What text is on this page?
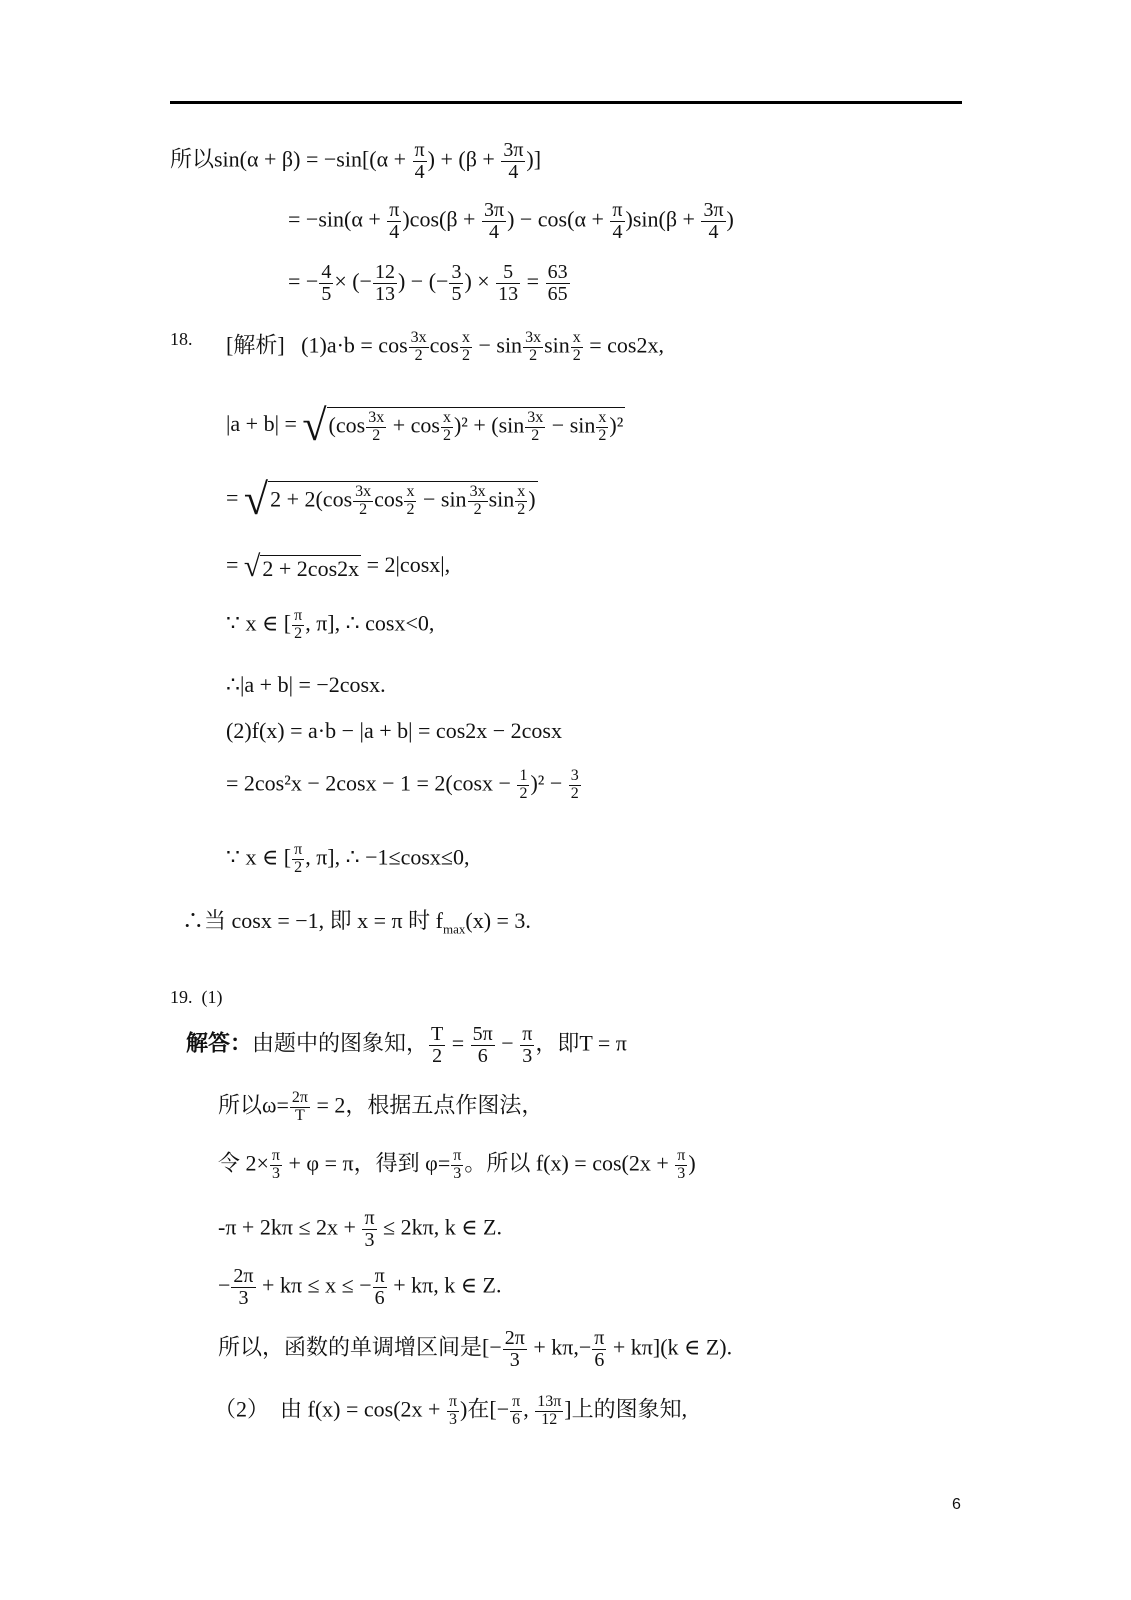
所以$\sin(\alpha + \beta) = -\sin[(\alpha + \frac{\pi}{4}$ ) + ($\beta + \frac{3\pi}{4}$ )]
= $-\sin(\alpha + \frac{\pi}{4} )\cos(\beta + \frac{3\pi}{4}$ ) − $\cos(\alpha + \frac{\pi}{4} )\sin(\beta + \frac{3\pi}{4}$ )
= − $\frac{4}{5}$ × (− $\frac{12}{13}$ ) − (− $\frac{3}{5}$ ) × $\frac{5}{13} = \frac{63}{65}$
18. [解析] $(1)a\cdot b = \cos \frac{3x}{2}$ $\cos \frac{x}{2} - \sin \frac{3x}{2}$ $\sin \frac{x}{2} = \cos 2x$,
$|a + b| = √(\cos \frac{3x}{2} + \cos \frac{x}{2} )^2 + (\sin \frac{3x}{2} - \sin \frac{x}{2} )^2$
= $√2 + 2(\cos \frac{3x}{2}$ $\cos \frac{x}{2} - \sin \frac{3x}{2}$ $\sin \frac{x}{2}$ )
= √2 + 2cos2x = 2|cosx|,
∵ x ∈ [ $\frac{\pi}{2}$ , π], ∴ cosx<0,
∴|a + b| = −2cosx.
(2)f(x) = a·b − |a + b| = cos2x − 2cosx
= $2\cos^2x - 2\cos x - 1 = 2(\cos x - \frac{1}{2} )^2 - \frac{3}{2}$
∵ x ∈ [ $\frac{\pi}{2}$ , π], ∴ −1≤cosx≤0,
∴当 cosx = −1, 即 x = π 时 $f_{max}(x) = 3$.
19. (1)
解答：由题中的图象知， $\frac{T}{2} = \frac{5\pi}{6} - \frac{\pi}{3}$ ，即T = π
所以$\omega= \frac{2\pi}{T} = 2$，根据五点作图法，
令 $2\times \frac{\pi}{3} + \varphi = \pi$，得到 $\varphi= \frac{\pi}{3}$ 。所以 $f(x) = \cos(2x + \frac{\pi}{3}$ )
$-\pi + 2k\pi \le 2x + \frac{\pi}{3} \le 2k\pi$, k ∈ Z.
− $\frac{2\pi}{3} + k\pi \le x$ ≤ − $\frac{\pi}{6} + k\pi$, k ∈ Z.
所以，函数的单调增区间是[− $\frac{2\pi}{3} + k\pi,- \frac{\pi}{6} + k\pi](k$ ∈ Z).
（2） 由 $f(x) = \cos(2x + \frac{\pi}{3}$ )在[− $\frac{\pi}{6}$ , $\frac{13\pi}{12}$ ]上的图象知,
6
